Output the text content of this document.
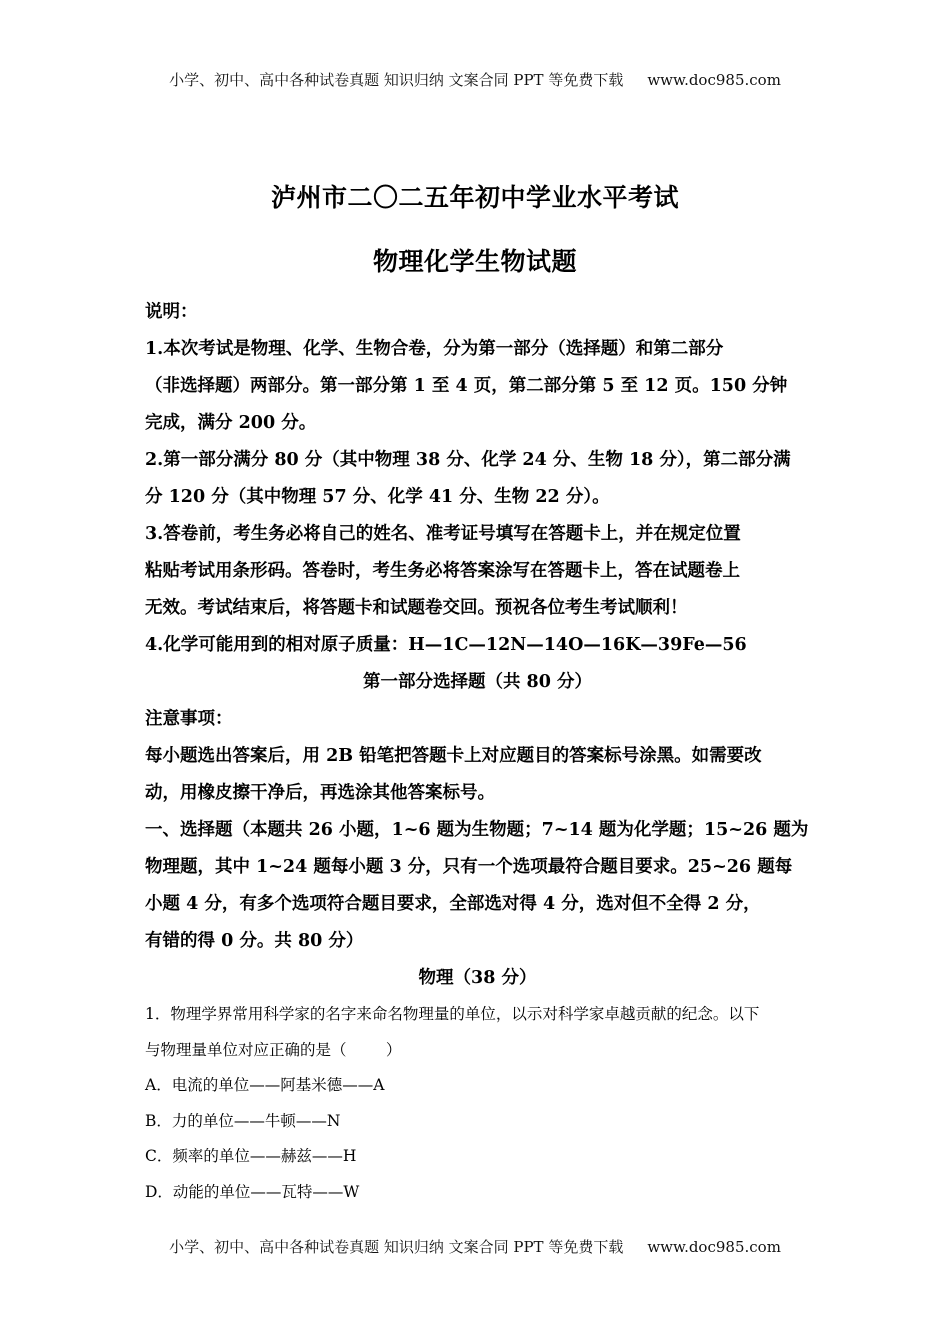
小学、初中、高中各种试卷真题 知识归纳 文案合同 PPT 等免费下载 www.doc985.com
泸州市二〇二五年初中学业水平考试
物理化学生物试题

说明：

1.本次考试是物理、化学、生物合卷，分为第一部分（选择题）和第二部分

（非选择题）两部分。第一部分第 1 至 4 页，第二部分第 5 至 12 页。150 分钟

完成，满分 200 分。

2.第一部分满分 80 分（其中物理 38 分、化学 24 分、生物 18 分），第二部分满

分 120 分（其中物理 57 分、化学 41 分、生物 22 分）。

3.答卷前，考生务必将自己的姓名、准考证号填写在答题卡上，并在规定位置

粘贴考试用条形码。答卷时，考生务必将答案涂写在答题卡上，答在试题卷上

无效。考试结束后，将答题卡和试题卷交回。预祝各位考生考试顺利！

4.化学可能用到的相对原子质量：H—1C—12N—14O—16K—39Fe—56

第一部分选择题（共 80 分）

注意事项：

每小题选出答案后，用 2B 铅笔把答题卡上对应题目的答案标号涂黑。如需要改

动，用橡皮擦干净后，再选涂其他答案标号。

一、选择题（本题共 26 小题，1~6 题为生物题；7~14 题为化学题；15~26 题为

物理题，其中 1~24 题每小题 3 分，只有一个选项最符合题目要求。25~26 题每

小题 4 分，有多个选项符合题目要求，全部选对得 4 分，选对但不全得 2 分，

有错的得 0 分。共 80 分）

物理（38 分）

1．物理学界常用科学家的名字来命名物理量的单位，以示对科学家卓越贡献的纪念。以下

与物理量单位对应正确的是（        ）

A．电流的单位——阿基米德——A

B．力的单位——牛顿——N

C．频率的单位——赫兹——H

D．动能的单位——瓦特——W

小学、初中、高中各种试卷真题 知识归纳 文案合同 PPT 等免费下载 www.doc985.com
